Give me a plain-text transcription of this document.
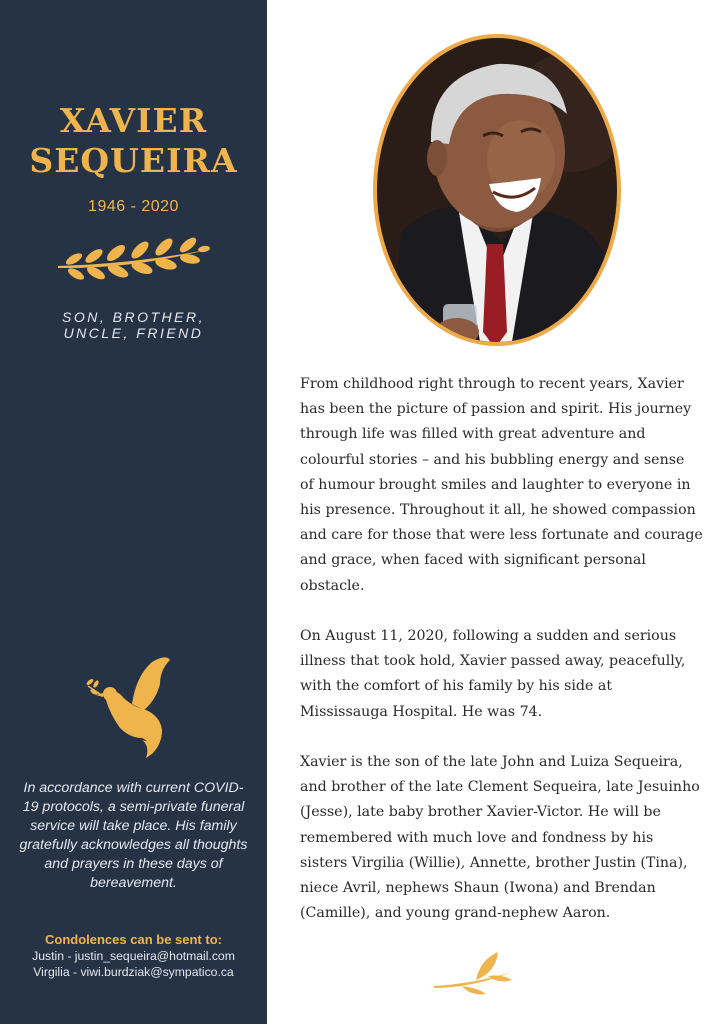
XAVIER
SEQUEIRA
1946 - 2020
SON, BROTHER,
UNCLE, FRIEND
In accordance with current COVID-19 protocols, a semi-private funeral service will take place. His family gratefully acknowledges all thoughts and prayers in these days of bereavement.
Condolences can be sent to:
Justin - justin_sequeira@hotmail.com
Virgilia - viwi.burdziak@sympatico.ca
From childhood right through to recent years, Xavier
has been the picture of passion and spirit. His journey
through life was filled with great adventure and
colourful stories – and his bubbling energy and sense
of humour brought smiles and laughter to everyone in
his presence. Throughout it all, he showed compassion
and care for those that were less fortunate and courage
and grace, when faced with significant personal
obstacle.
On August 11, 2020, following a sudden and serious
illness that took hold, Xavier passed away, peacefully,
with the comfort of his family by his side at
Mississauga Hospital. He was 74.
Xavier is the son of the late John and Luiza Sequeira,
and brother of the late Clement Sequeira, late Jesuinho
(Jesse), late baby brother Xavier-Victor. He will be
remembered with much love and fondness by his
sisters Virgilia (Willie), Annette, brother Justin (Tina),
niece Avril, nephews Shaun (Iwona) and Brendan
(Camille), and young grand-nephew Aaron.
